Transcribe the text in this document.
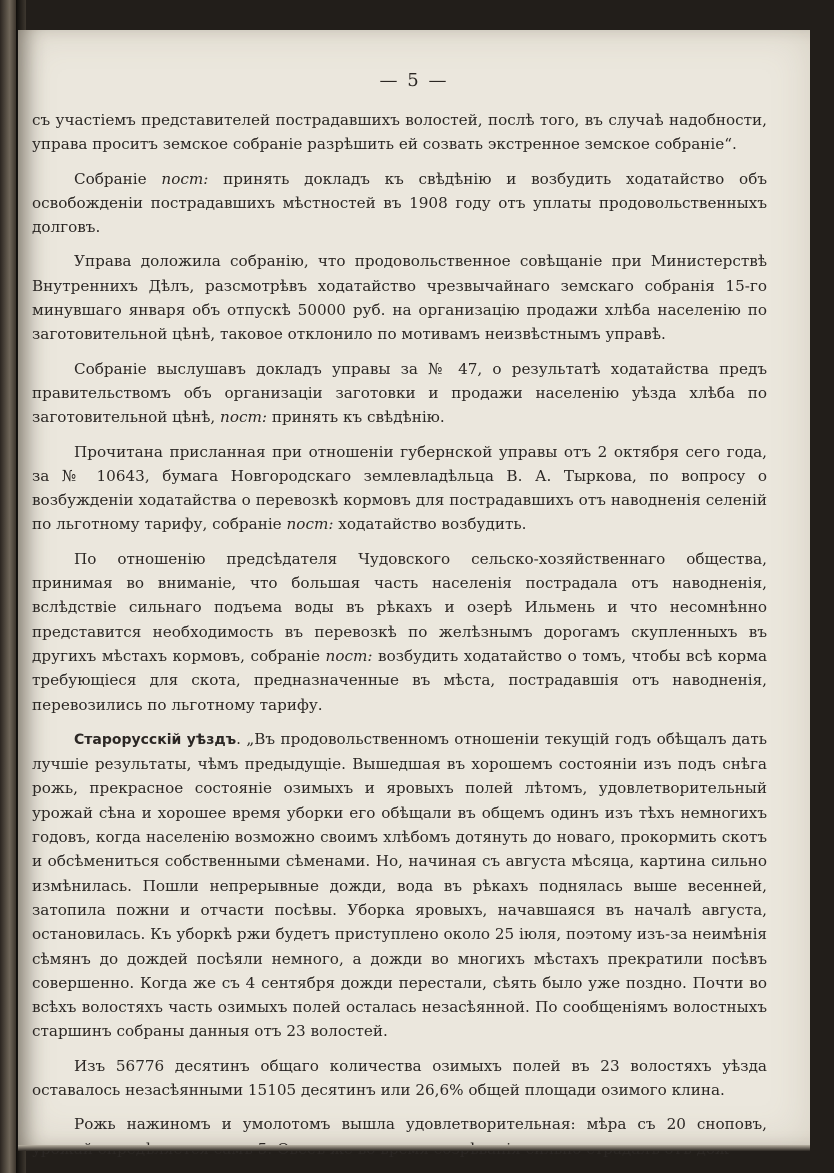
— 5 —

съ участіемъ представителей пострадавшихъ волостей, послѣ того, въ случаѣ надобности, управа проситъ земское собраніе разрѣшить ей созвать экстренное земское собраніе“.

Собраніе пост: принять докладъ къ свѣдѣнію и возбудить ходатайство объ освобожденіи пострадавшихъ мѣстностей въ 1908 году отъ уплаты продовольственныхъ долговъ.

Управа доложила собранію, что продовольственное совѣщаніе при Министерствѣ Внутреннихъ Дѣлъ, разсмотрѣвъ ходатайство чрезвычайнаго земскаго собранія 15-го минувшаго января объ отпускѣ 50000 руб. на организацію продажи хлѣба населенію по заготовительной цѣнѣ, таковое отклонило по мотивамъ неизвѣстнымъ управѣ.

Собраніе выслушавъ докладъ управы за № 47, о результатѣ ходатайства предъ правительствомъ объ организаціи заготовки и продажи населенію уѣзда хлѣба по заготовительной цѣнѣ, пост: принять къ свѣдѣнію.

Прочитана присланная при отношеніи губернской управы отъ 2 октября сего года, за № 10643, бумага Новгородскаго землевладѣльца В. А. Тыркова, по вопросу о возбужденіи ходатайства о перевозкѣ кормовъ для пострадавшихъ отъ наводненія селеній по льготному тарифу, собраніе пост: ходатайство возбудить.

По отношенію предсѣдателя Чудовского сельско-хозяйственнаго общества, принимая во вниманіе, что большая часть населенія пострадала отъ наводненія, вслѣдствіе сильнаго подъема воды въ рѣкахъ и озерѣ Ильмень и что несомнѣнно представится необходимость въ перевозкѣ по желѣзнымъ дорогамъ скупленныхъ въ другихъ мѣстахъ кормовъ, собраніе пост: возбудить ходатайство о томъ, чтобы всѣ корма требующіеся для скота, предназначенные въ мѣста, пострадавшія отъ наводненія, перевозились по льготному тарифу.

Старорусскій уѣздъ. „Въ продовольственномъ отношеніи текущій годъ обѣщалъ дать лучшіе результаты, чѣмъ предыдущіе. Вышедшая въ хорошемъ состояніи изъ подъ снѣга рожь, прекрасное состояніе озимыхъ и яровыхъ полей лѣтомъ, удовлетворительный урожай сѣна и хорошее время уборки его обѣщали въ общемъ одинъ изъ тѣхъ немногихъ годовъ, когда населенію возможно своимъ хлѣбомъ дотянуть до новаго, прокормить скотъ и обсѣмениться собственными сѣменами. Но, начиная съ августа мѣсяца, картина сильно измѣнилась. Пошли непрерывные дожди, вода въ рѣкахъ поднялась выше весенней, затопила пожни и отчасти посѣвы. Уборка яровыхъ, начавшаяся въ началѣ августа, остановилась. Къ уборкѣ ржи будетъ приступлено около 25 іюля, поэтому изъ-за неимѣнія сѣмянъ до дождей посѣяли немного, а дожди во многихъ мѣстахъ прекратили посѣвъ совершенно. Когда же съ 4 сентября дожди перестали, сѣять было уже поздно. Почти во всѣхъ волостяхъ часть озимыхъ полей осталась незасѣянной. По сообщеніямъ волостныхъ старшинъ собраны данныя отъ 23 волостей.

Изъ 56776 десятинъ общаго количества озимыхъ полей въ 23 волостяхъ уѣзда оставалось незасѣянными 15105 десятинъ или 26,6% общей площади озимого клина.

Рожь нажиномъ и умолотомъ вышла удовлетворительная: мѣра съ 20 сноповъ,
